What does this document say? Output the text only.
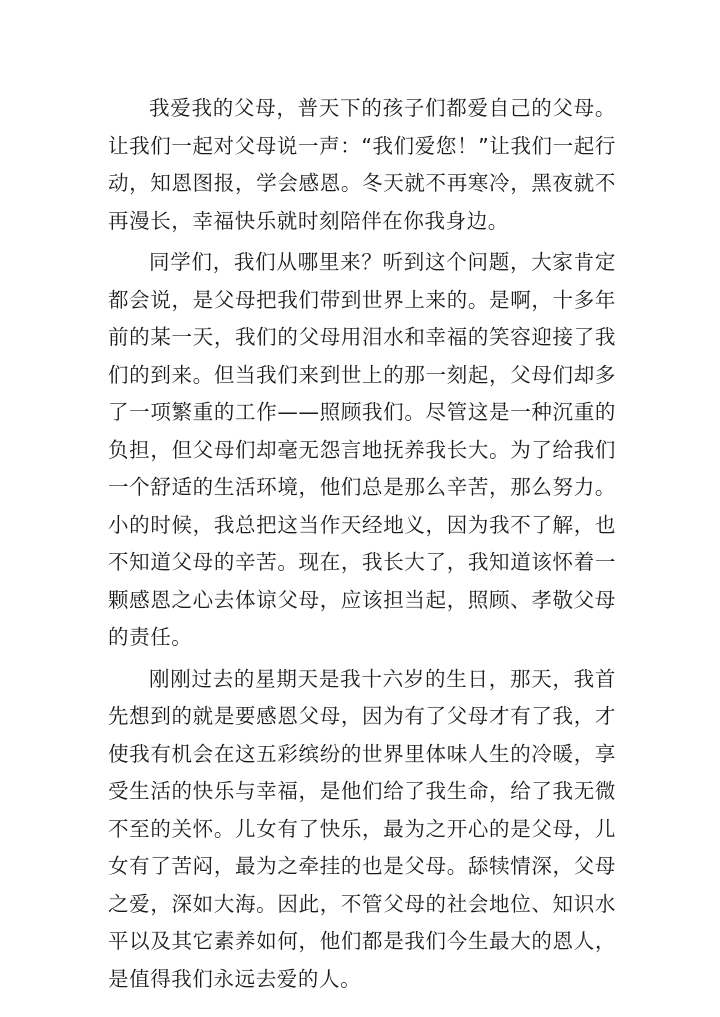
我爱我的父母，普天下的孩子们都爱自己的父母。让我们一起对父母说一声：“我们爱您！”让我们一起行动，知恩图报，学会感恩。冬天就不再寒冷，黑夜就不再漫长，幸福快乐就时刻陪伴在你我身边。

同学们，我们从哪里来？听到这个问题，大家肯定都会说，是父母把我们带到世界上来的。是啊，十多年前的某一天，我们的父母用泪水和幸福的笑容迎接了我们的到来。但当我们来到世上的那一刻起，父母们却多了一项繁重的工作——照顾我们。尽管这是一种沉重的负担，但父母们却毫无怨言地抚养我长大。为了给我们一个舒适的生活环境，他们总是那么辛苦，那么努力。小的时候，我总把这当作天经地义，因为我不了解，也不知道父母的辛苦。现在，我长大了，我知道该怀着一颗感恩之心去体谅父母，应该担当起，照顾、孝敬父母的责任。

刚刚过去的星期天是我十六岁的生日，那天，我首先想到的就是要感恩父母，因为有了父母才有了我，才使我有机会在这五彩缤纷的世界里体味人生的冷暖，享受生活的快乐与幸福，是他们给了我生命，给了我无微不至的关怀。儿女有了快乐，最为之开心的是父母，儿女有了苦闷，最为之牵挂的也是父母。舔犊情深，父母之爱，深如大海。因此，不管父母的社会地位、知识水平以及其它素养如何，他们都是我们今生最大的恩人，是值得我们永远去爱的人。
